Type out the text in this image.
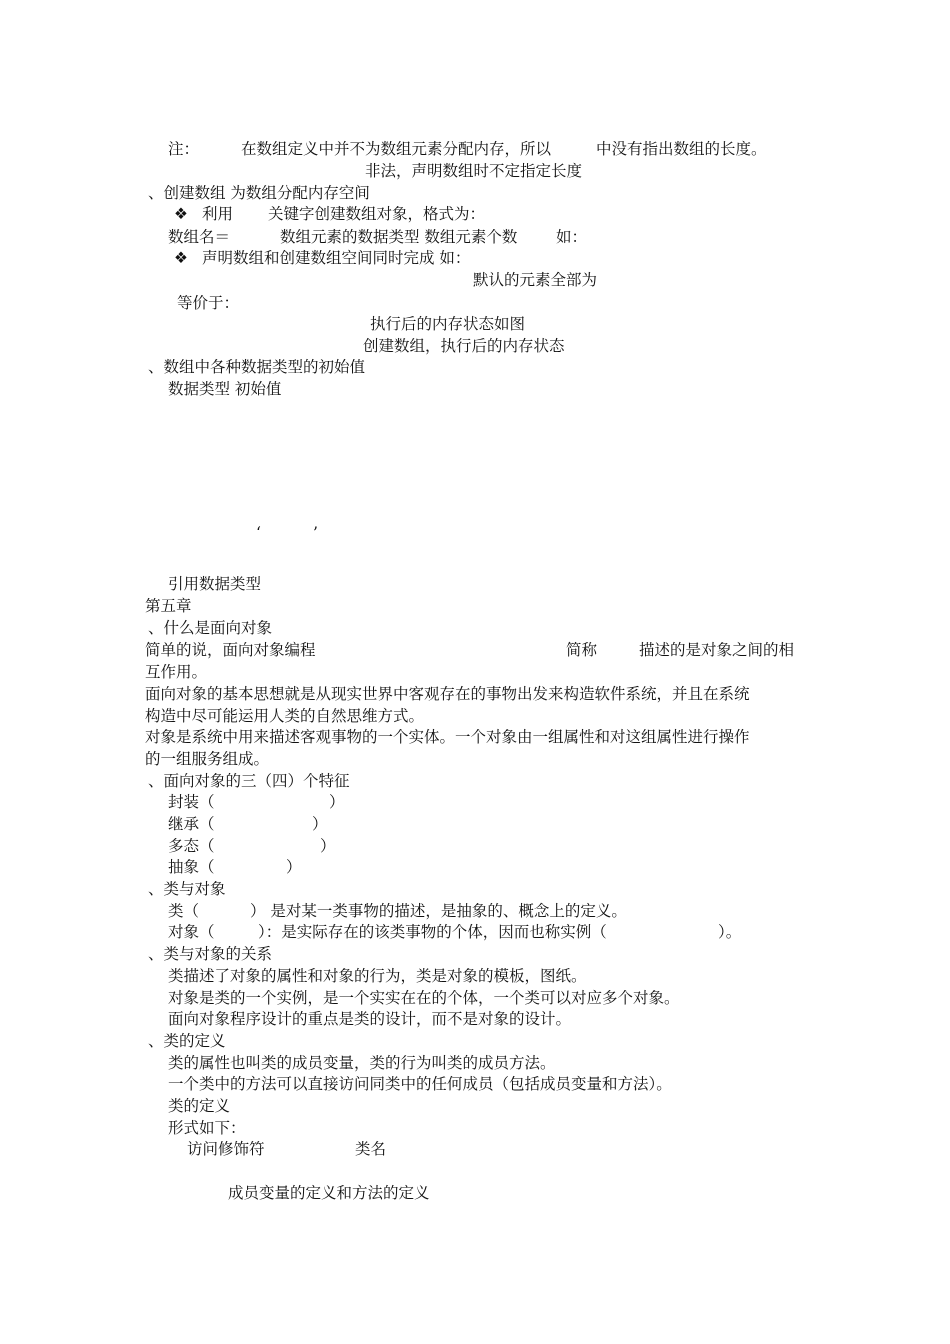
注：	在数组定义中并不为数组元素分配内存，所以	中没有指出数组的长度。
非法，声明数组时不定指定长度
、创建数组 为数组分配内存空间
❖ 利用 关键字创建数组对象，格式为：
数组名＝	数组元素的数据类型 数组元素个数 如：
❖ 声明数组和创建数组空间同时完成 如：
默认的元素全部为
等价于：
执行后的内存状态如图
创建数组，执行后的内存状态
、数组中各种数据类型的初始值
数据类型 初始值
‘	’
引用数据类型
第五章
、什么是面向对象
简单的说，面向对象编程	简称	描述的是对象之间的相
互作用。
面向对象的基本思想就是从现实世界中客观存在的事物出发来构造软件系统，并且在系统
构造中尽可能运用人类的自然思维方式。
对象是系统中用来描述客观事物的一个实体。一个对象由一组属性和对这组属性进行操作
的一组服务组成。
、面向对象的三（四）个特征
封装（	）
继承（	）
多态（	）
抽象（	）
、类与对象
类（	） 是对某一类事物的描述，是抽象的、概念上的定义。
对象（	）：是实际存在的该类事物的个体，因而也称实例（	）。
、类与对象的关系
类描述了对象的属性和对象的行为，类是对象的模板，图纸。
对象是类的一个实例，是一个实实在在的个体，一个类可以对应多个对象。
面向对象程序设计的重点是类的设计，而不是对象的设计。
、类的定义
类的属性也叫类的成员变量，类的行为叫类的成员方法。
一个类中的方法可以直接访问同类中的任何成员（包括成员变量和方法）。
类的定义
形式如下：
访问修饰符	类名
成员变量的定义和方法的定义
